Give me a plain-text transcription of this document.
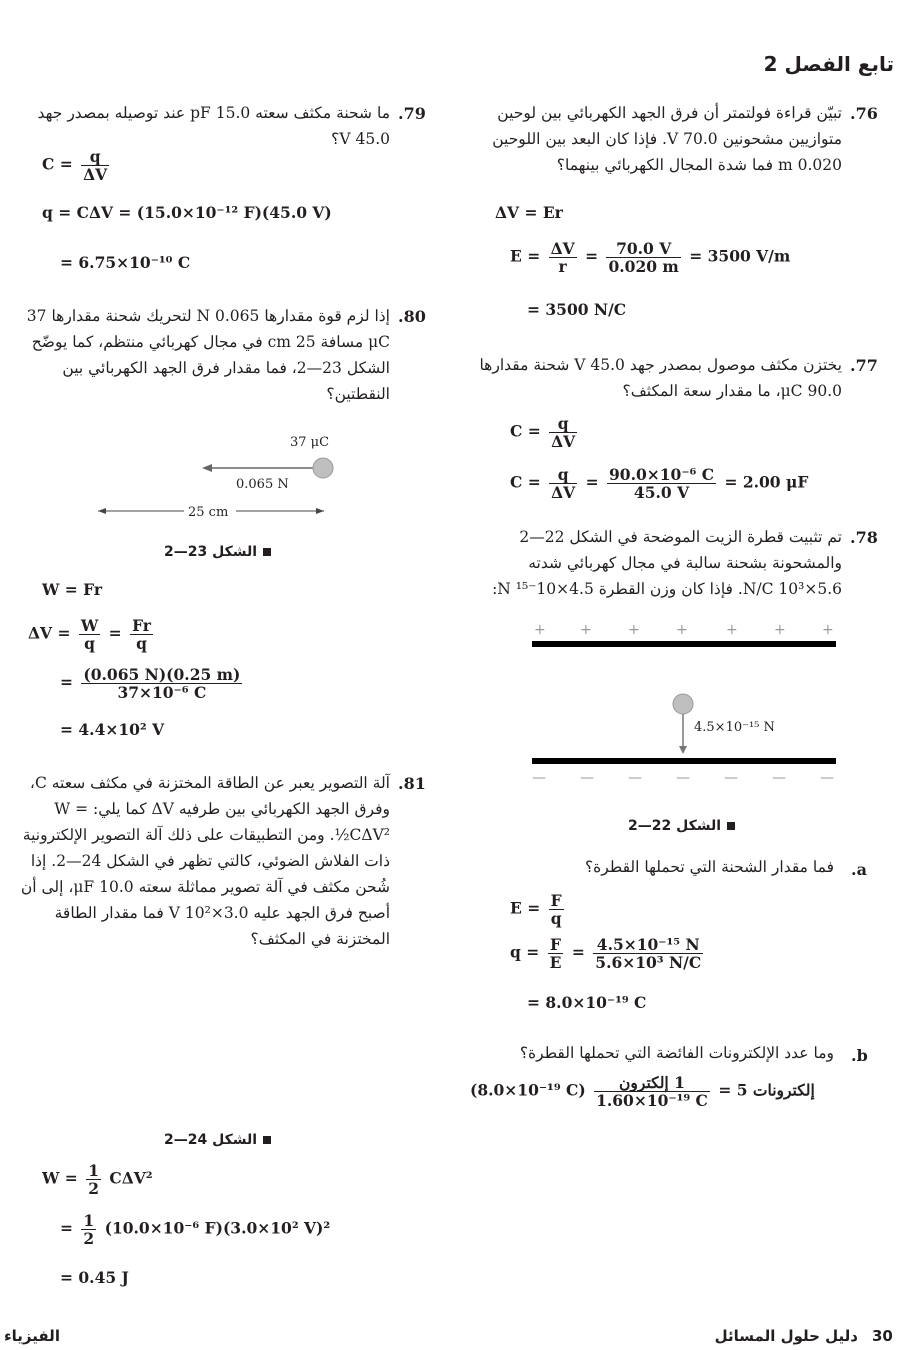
تابع الفصل 2
.76
تبيّن قراءة فولتمتر أن فرق الجهد الكهربائي بين لوحين متوازيين مشحونين 70.0 V. فإذا كان البعد بين اللوحين 0.020 m فما شدة المجال الكهربائي بينهما؟
ΔV = Er
$E = \frac{\Delta V}{r} = \frac{70.0 V}{0.020 m} = 3500$ V/m
= 3500 N/C
.77
يختزن مكثف موصول بمصدر جهد 45.0 V شحنة مقدارها 90.0 μC، ما مقدار سعة المكثف؟
$C = \frac{q}{\Delta V}$
$C = \frac{q}{\Delta V} = \frac{\text{90.0×10⁻⁶ C}}{45.0 V} = 2.00$ μF
.78
تم تثبيت قطرة الزيت الموضحة في الشكل 22—2 والمشحونة بشحنة سالبة في مجال كهربائي شدته 5.6×10³ N/C. فإذا كان وزن القطرة 4.5×10⁻¹⁵ N:
+ +	+	+	+	+	+
4.5×10⁻¹⁵ N
— — — — — — —
الشكل 22—2
.a
فما مقدار الشحنة التي تحملها القطرة؟
$E = \frac{F}{q}$
$q = \frac{F}{E} = \frac{\text{4.5×10⁻¹⁵ N}}{\text{5.6×10³ N/C}}$
= 8.0×10⁻¹⁹ C
.b
وما عدد الإلكترونات الفائضة التي تحملها القطرة؟
(8.0×10⁻¹⁹ $C) \frac{\text{1 إلكترون}}{\text{1.60×10⁻¹⁹ C}} = 5$ إلكترونات
.79
ما شحنة مكثف سعته 15.0 pF عند توصيله بمصدر جهد 45.0 V؟
$C = \frac{q}{\Delta V}$
q = CΔV = (15.0×10⁻¹² F)(45.0 V)
= 6.75×10⁻¹⁰ C
.80
إذا لزم قوة مقدارها 0.065 N لتحريك شحنة مقدارها 37 μC مسافة 25 cm في مجال كهربائي منتظم، كما يوضّح الشكل 23—2، فما مقدار فرق الجهد الكهربائي بين النقطتين؟
37 μC
0.065 N
25 cm
الشكل 23—2
W = Fr
$\Delta V = \frac{W}{q} = \frac{Fr}{q}$
= $\frac{(0.065 N)(0.25 m)}{\text{37×10⁻⁶ C}}$
= 4.4×10² V
.81
آلة التصوير يعبر عن الطاقة المختزنة في مكثف سعته C، وفرق الجهد الكهربائي بين طرفيه ΔV كما يلي: W = ½CΔV². ومن التطبيقات على ذلك آلة التصوير الإلكترونية ذات الفلاش الضوئي، كالتي تظهر في الشكل 24—2. إذا شُحن مكثف في آلة تصوير مماثلة سعته 10.0 μF، إلى أن أصبح فرق الجهد عليه 3.0×10² V فما مقدار الطاقة المختزنة في المكثف؟
الشكل 24—2
$W = \frac{1}{2} C\Delta V^2$
= $\frac{1}{2} (10.0\times 10^{-6}$ F)(3.0×10² V)²
= 0.45 J
30
دليل حلول المسائل
الفيزياء
